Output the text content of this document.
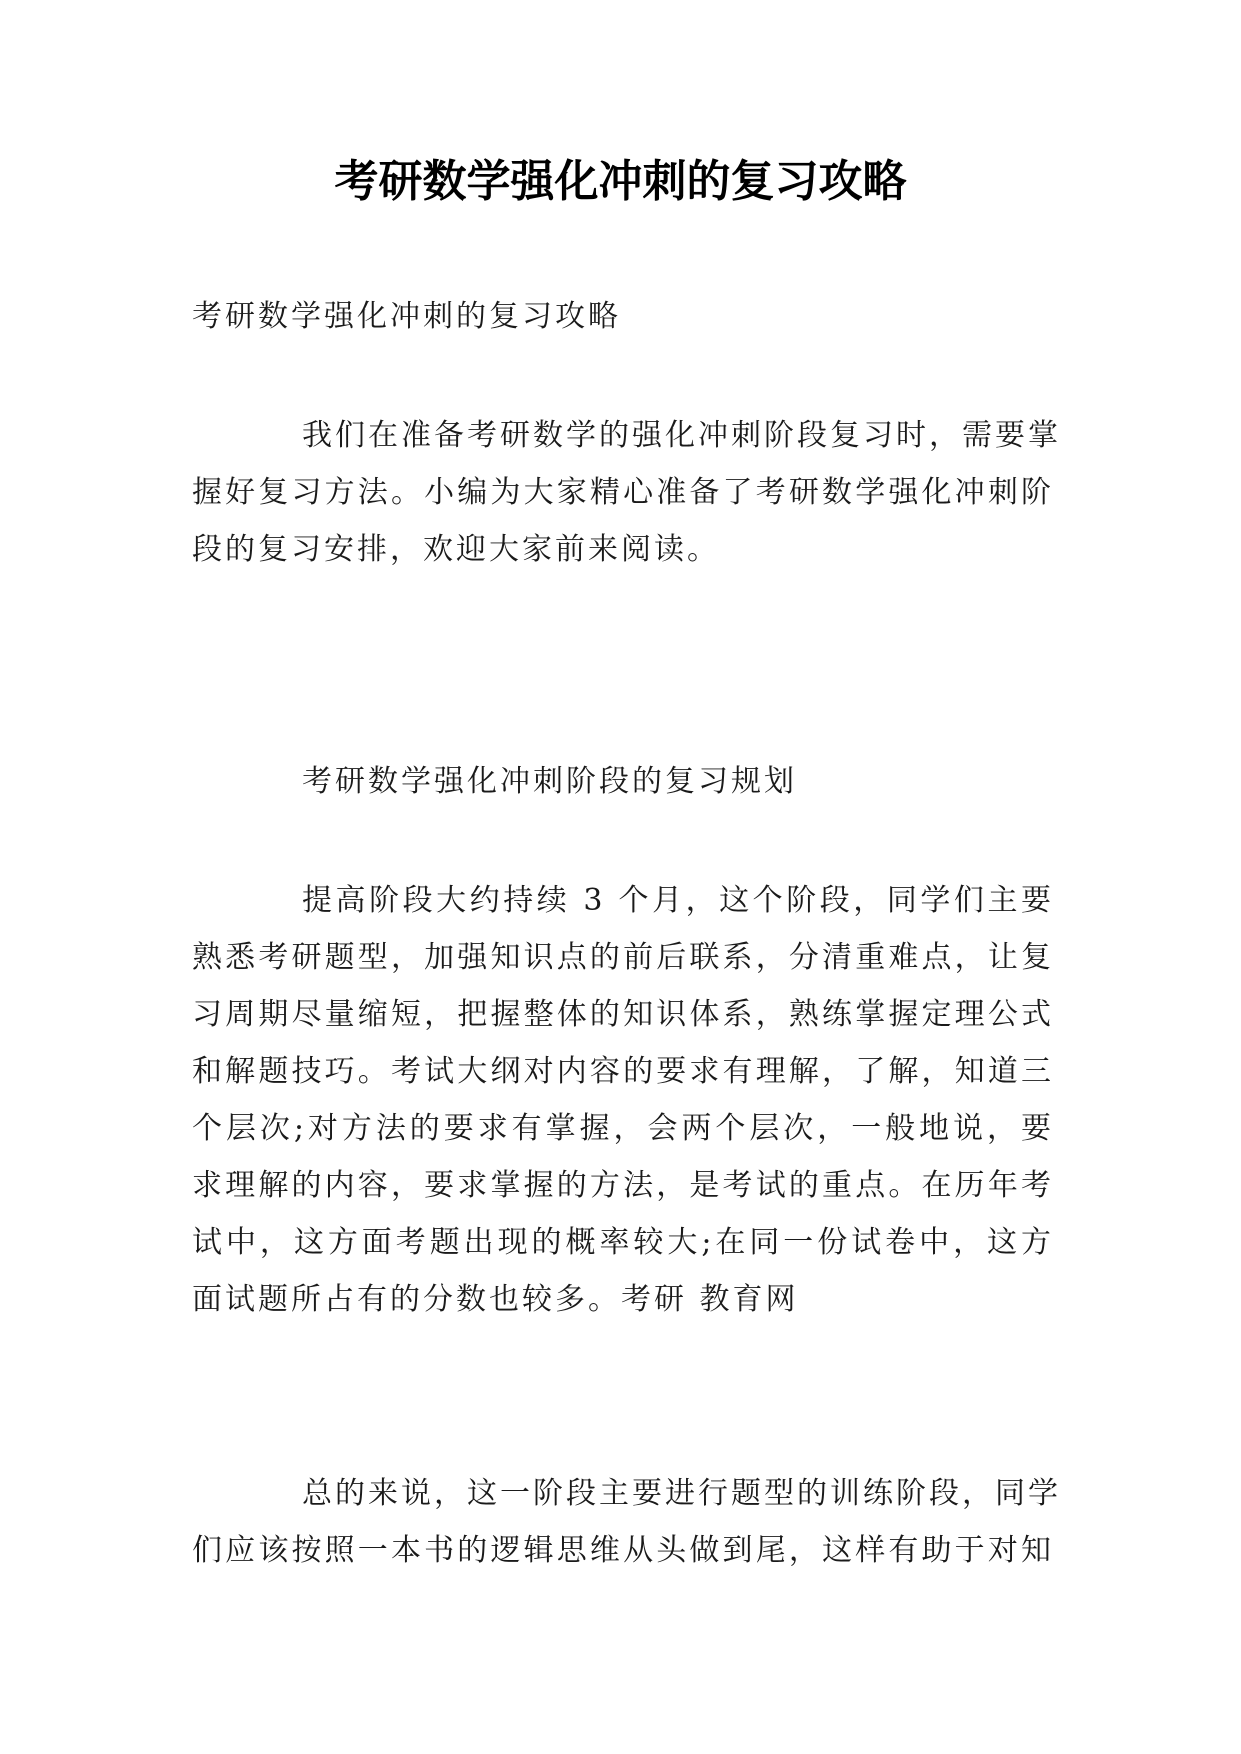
考研数学强化冲刺的复习攻略
考研数学强化冲刺的复习攻略
我们在准备考研数学的强化冲刺阶段复习时，需要掌
握好复习方法。小编为大家精心准备了考研数学强化冲刺阶
段的复习安排，欢迎大家前来阅读。
考研数学强化冲刺阶段的复习规划
提高阶段大约持续 3 个月，这个阶段，同学们主要
熟悉考研题型，加强知识点的前后联系，分清重难点，让复
习周期尽量缩短，把握整体的知识体系，熟练掌握定理公式
和解题技巧。考试大纲对内容的要求有理解，了解，知道三
个层次;对方法的要求有掌握，会两个层次，一般地说，要
求理解的内容，要求掌握的方法，是考试的重点。在历年考
试中，这方面考题出现的概率较大;在同一份试卷中，这方
面试题所占有的分数也较多。考研 教育网
总的来说，这一阶段主要进行题型的训练阶段，同学
们应该按照一本书的逻辑思维从头做到尾，这样有助于对知
